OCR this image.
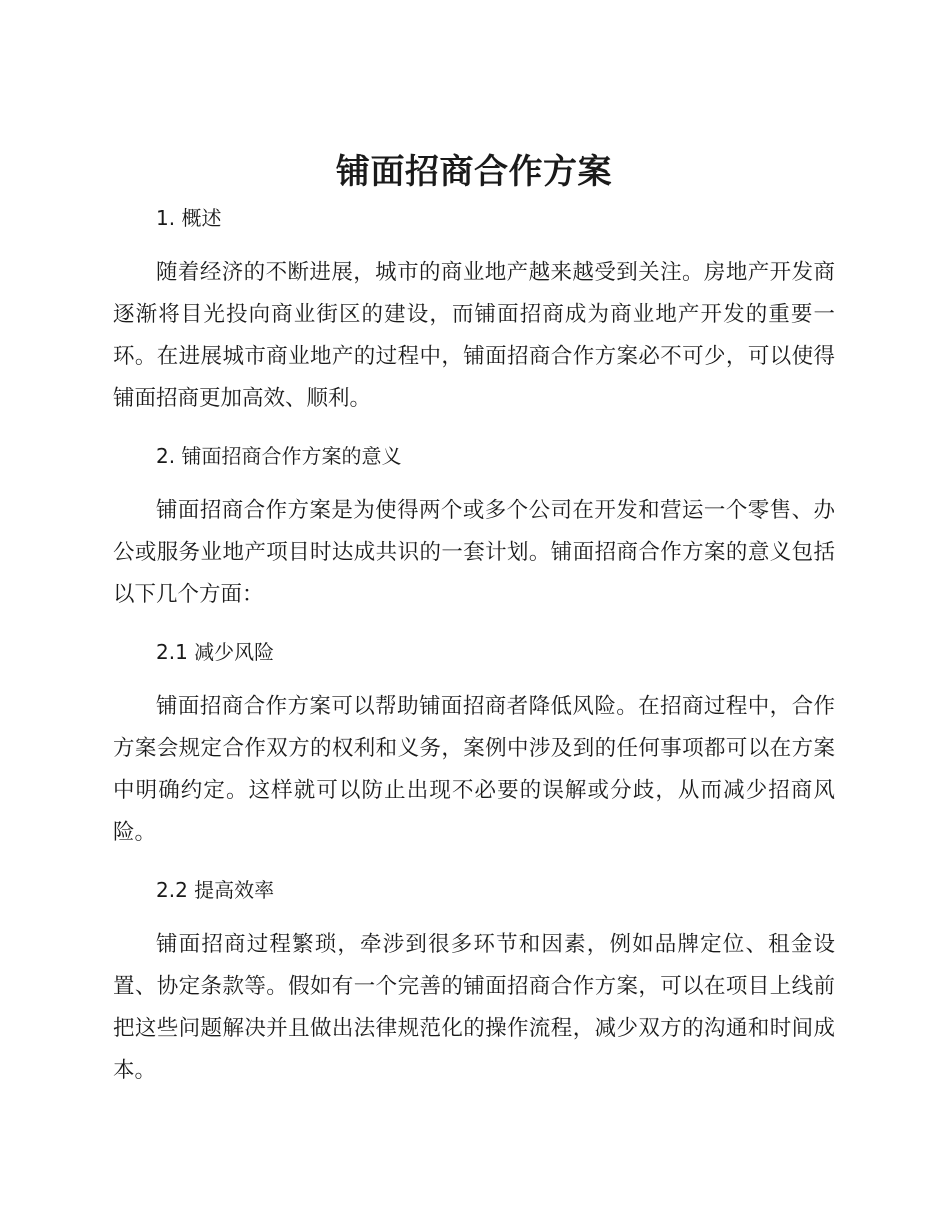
铺面招商合作方案
1. 概述

随着经济的不断进展，城市的商业地产越来越受到关注。房地产开发商逐渐将目光投向商业街区的建设，而铺面招商成为商业地产开发的重要一环。在进展城市商业地产的过程中，铺面招商合作方案必不可少，可以使得铺面招商更加高效、顺利。

2. 铺面招商合作方案的意义

铺面招商合作方案是为使得两个或多个公司在开发和营运一个零售、办公或服务业地产项目时达成共识的一套计划。铺面招商合作方案的意义包括以下几个方面：

2.1 减少风险

铺面招商合作方案可以帮助铺面招商者降低风险。在招商过程中，合作方案会规定合作双方的权利和义务，案例中涉及到的任何事项都可以在方案中明确约定。这样就可以防止出现不必要的误解或分歧，从而减少招商风险。

2.2 提高效率

铺面招商过程繁琐，牵涉到很多环节和因素，例如品牌定位、租金设置、协定条款等。假如有一个完善的铺面招商合作方案，可以在项目上线前把这些问题解决并且做出法律规范化的操作流程，减少双方的沟通和时间成本。
